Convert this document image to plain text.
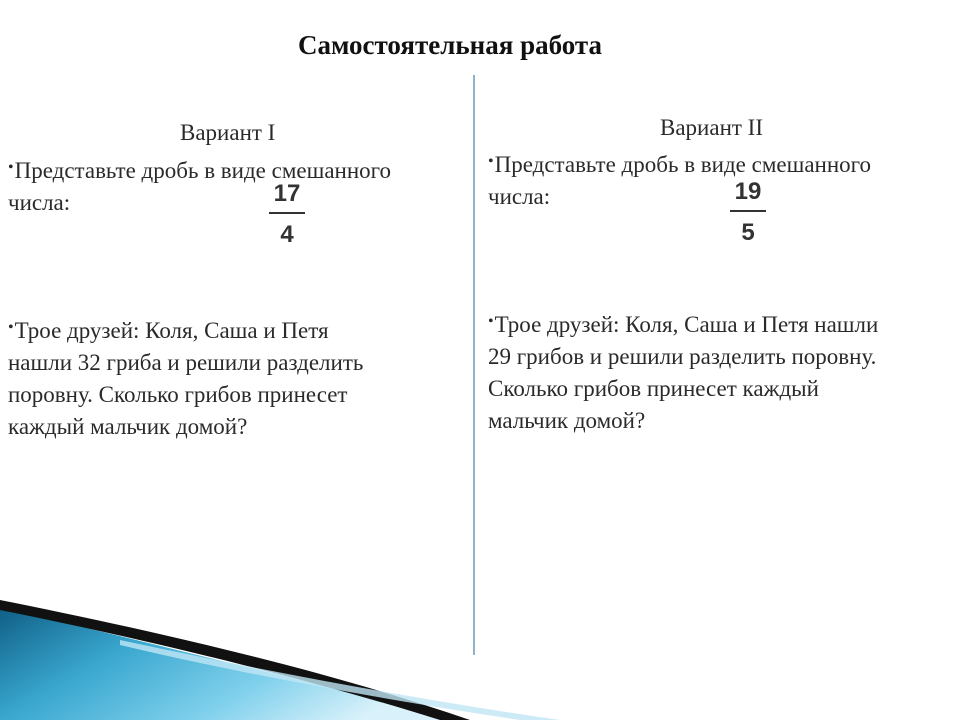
Самостоятельная работа
Вариант I
•Представьте дробь в виде смешанного
числа:	17
4
•Трое друзей: Коля, Саша и Петя
нашли 32 гриба и решили разделить
поровну. Сколько грибов принесет
каждый мальчик домой?
Вариант II
•Представьте дробь в виде смешанного
числа:	19
5
•Трое друзей: Коля, Саша и Петя нашли
29 грибов и решили разделить поровну.
Сколько грибов принесет каждый
мальчик домой?
